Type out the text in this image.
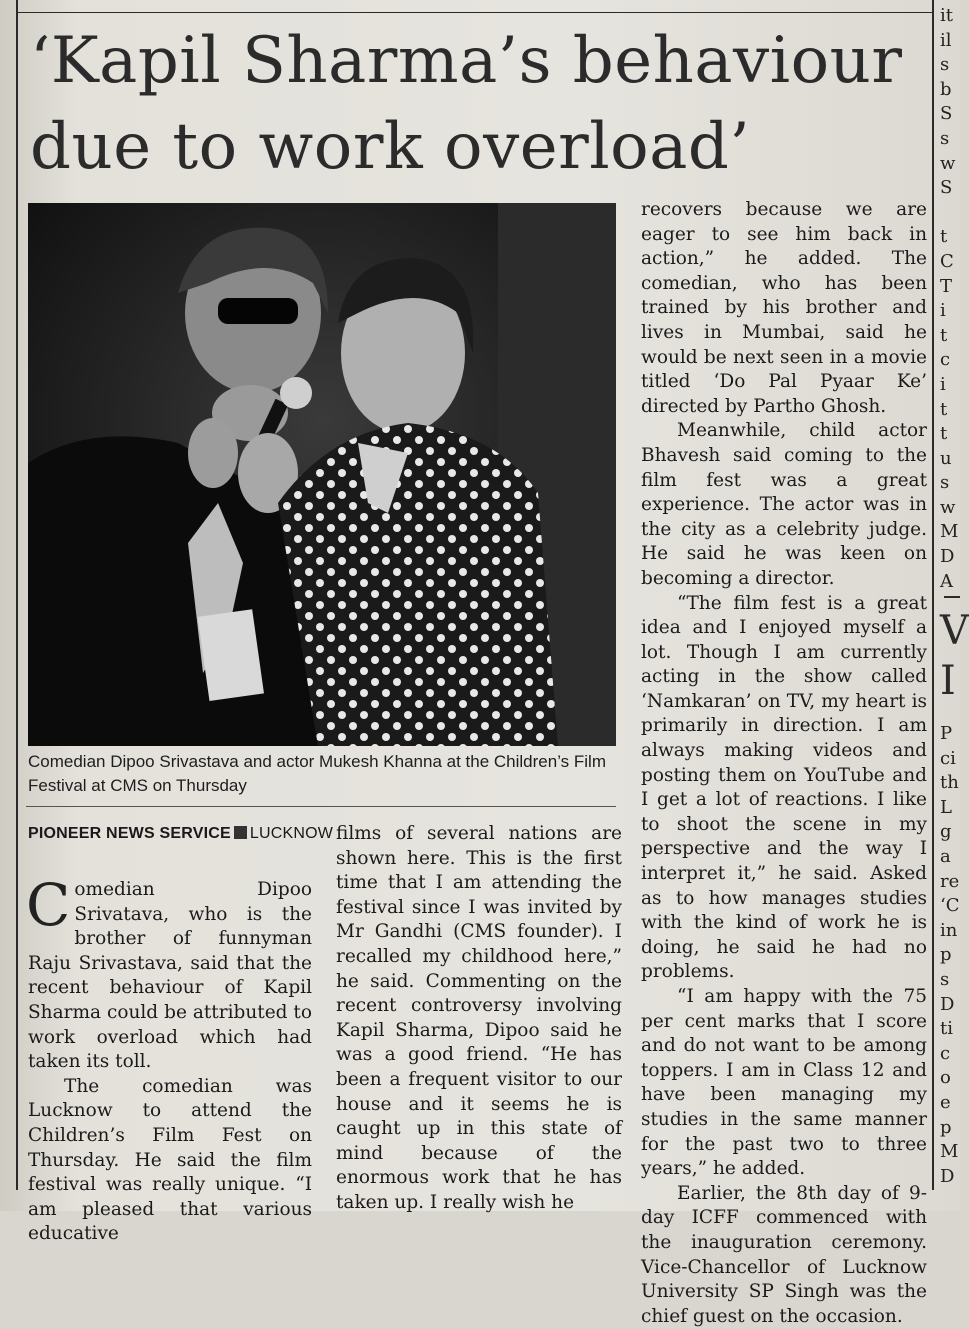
‘Kapil Sharma’s behaviour
due to work overload’
Comedian Dipoo Srivastava and actor Mukesh Khanna at the Children’s Film Festival at CMS on Thursday
PIONEER NEWS SERVICE LUCKNOW

Comedian Dipoo Srivatava, who is the brother of funnyman Raju Srivastava, said that the recent behaviour of Kapil Sharma could be attributed to work overload which had taken its toll.

The comedian was Lucknow to attend the Children’s Film Fest on Thursday. He said the film festival was really unique. “I am pleased that various educative

films of several nations are shown here. This is the first time that I am attending the festival since I was invited by Mr Gandhi (CMS founder). I recalled my childhood here,” he said. Commenting on the recent controversy involving Kapil Sharma, Dipoo said he was a good friend. “He has been a frequent visitor to our house and it seems he is caught up in this state of mind because of the enormous work that he has taken up. I really wish he

recovers because we are eager to see him back in action,” he added. The comedian, who has been trained by his brother and lives in Mumbai, said he would be next seen in a movie titled ‘Do Pal Pyaar Ke’ directed by Partho Ghosh.

Meanwhile, child actor Bhavesh said coming to the film fest was a great experience. The actor was in the city as a celebrity judge. He said he was keen on becoming a director.

“The film fest is a great idea and I enjoyed myself a lot. Though I am currently acting in the show called ‘Namkaran’ on TV, my heart is primarily in direction. I am always making videos and posting them on YouTube and I get a lot of reactions. I like to shoot the scene in my perspective and the way I interpret it,” he said. Asked as to how manages studies with the kind of work he is doing, he said he had no problems.

“I am happy with the 75 per cent marks that I score and do not want to be among toppers. I am in Class 12 and have been managing my studies in the same manner for the past two to three years,” he added.

Earlier, the 8th day of 9-day ICFF commenced with the inauguration ceremony. Vice-Chancellor of Lucknow University SP Singh was the chief guest on the occasion.

it
il
s
b
S
s
w
S
t
C
T
i
t
c
i
t
t
u
s
w
M
D
A
V
I
P
ci
th
L
g
a
re
‘C
in
p
s
D
ti
c
o
e
p
M
D
